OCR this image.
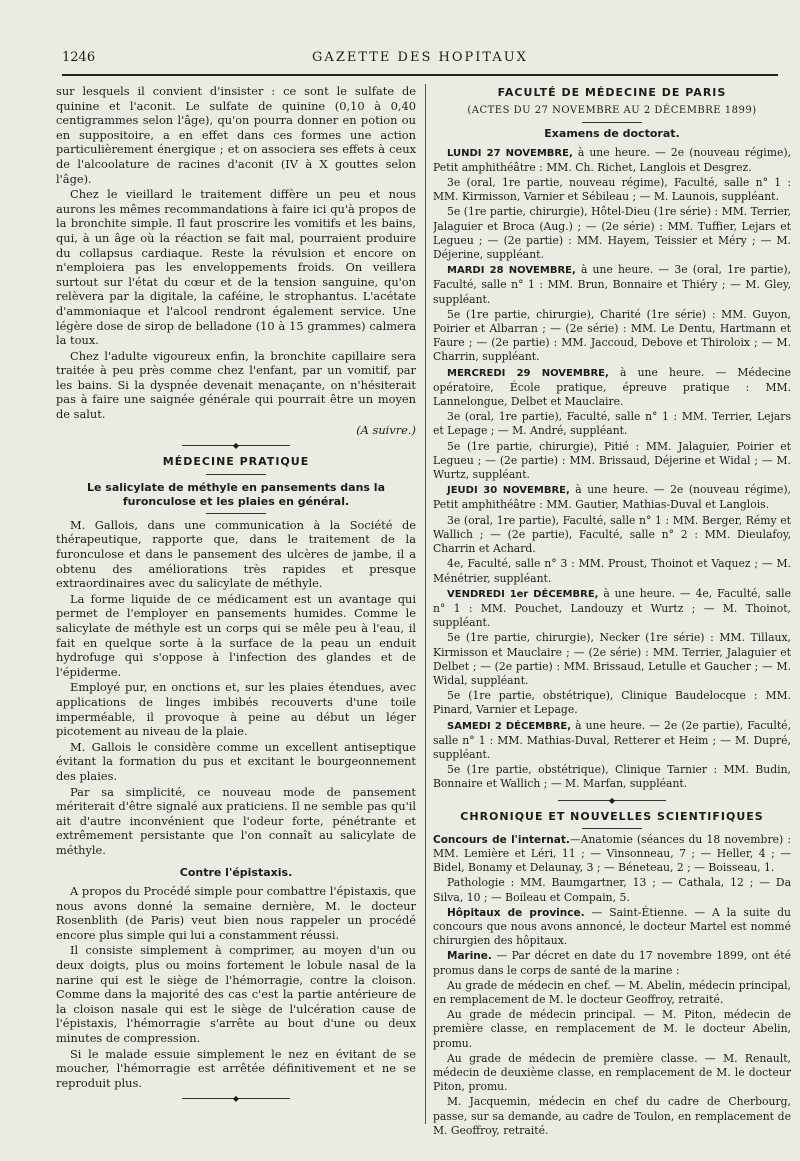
1246	GAZETTE DES HOPITAUX

sur lesquels il convient d'insister : ce sont le sulfate de quinine et l'aconit. Le sulfate de quinine (0,10 à 0,40 centigrammes selon l'âge), qu'on pourra donner en potion ou en suppositoire, a en effet dans ces formes une action particulièrement énergique ; et on associera ses effets à ceux de l'alcoolature de racines d'aconit (IV à X gouttes selon l'âge).

Chez le vieillard le traitement diffère un peu et nous aurons les mêmes recommandations à faire ici qu'à propos de la bronchite simple. Il faut proscrire les vomitifs et les bains, qui, à un âge où la réaction se fait mal, pourraient produire du collapsus cardiaque. Reste la révulsion et encore on n'emploiera pas les enveloppements froids. On veillera surtout sur l'état du cœur et de la tension sanguine, qu'on relèvera par la digitale, la caféine, le strophantus. L'acétate d'ammoniaque et l'alcool rendront également service. Une légère dose de sirop de belladone (10 à 15 grammes) calmera la toux.

Chez l'adulte vigoureux enfin, la bronchite capillaire sera traitée à peu près comme chez l'enfant, par un vomitif, par les bains. Si la dyspnée devenait menaçante, on n'hésiterait pas à faire une saignée générale qui pourrait être un moyen de salut.

(A suivre.)

◆
MÉDECINE PRATIQUE
Le salicylate de méthyle en pansements dans la furonculose et les plaies en général.

M. Gallois, dans une communication à la Société de thérapeutique, rapporte que, dans le traitement de la furonculose et dans le pansement des ulcères de jambe, il a obtenu des améliorations très rapides et presque extraordinaires avec du salicylate de méthyle.

La forme liquide de ce médicament est un avantage qui permet de l'employer en pansements humides. Comme le salicylate de méthyle est un corps qui se mêle peu à l'eau, il fait en quelque sorte à la surface de la peau un enduit hydrofuge qui s'oppose à l'infection des glandes et de l'épiderme.

Employé pur, en onctions et, sur les plaies étendues, avec applications de linges imbibés recouverts d'une toile imperméable, il provoque à peine au début un léger picotement au niveau de la plaie.

M. Gallois le considère comme un excellent antiseptique évitant la formation du pus et excitant le bourgeonnement des plaies.

Par sa simplicité, ce nouveau mode de pansement mériterait d'être signalé aux praticiens. Il ne semble pas qu'il ait d'autre inconvénient que l'odeur forte, pénétrante et extrêmement persistante que l'on connaît au salicylate de méthyle.

Contre l'épistaxis.

A propos du Procédé simple pour combattre l'épistaxis, que nous avons donné la semaine dernière, M. le docteur Rosenblith (de Paris) veut bien nous rappeler un procédé encore plus simple qui lui a constamment réussi.

Il consiste simplement à comprimer, au moyen d'un ou deux doigts, plus ou moins fortement le lobule nasal de la narine qui est le siège de l'hémorragie, contre la cloison. Comme dans la majorité des cas c'est la partie antérieure de la cloison nasale qui est le siège de l'ulcération cause de l'épistaxis, l'hémorragie s'arrête au bout d'une ou deux minutes de compression.

Si le malade essuie simplement le nez en évitant de se moucher, l'hémorragie est arrêtée définitivement et ne se reproduit plus.

◆
FACULTÉ DE MÉDECINE DE PARIS
(ACTES DU 27 NOVEMBRE AU 2 DÉCEMBRE 1899)
Examens de doctorat.

LUNDI 27 NOVEMBRE, à une heure. — 2e (nouveau régime), Petit amphithéâtre : MM. Ch. Richet, Langlois et Desgrez.

3e (oral, 1re partie, nouveau régime), Faculté, salle n° 1 : MM. Kirmisson, Varnier et Sébileau ; — M. Launois, suppléant.

5e (1re partie, chirurgie), Hôtel-Dieu (1re série) : MM. Terrier, Jalaguier et Broca (Aug.) ; — (2e série) : MM. Tuffier, Lejars et Legueu ; — (2e partie) : MM. Hayem, Teissier et Méry ; — M. Déjerine, suppléant.

MARDI 28 NOVEMBRE, à une heure. — 3e (oral, 1re partie), Faculté, salle n° 1 : MM. Brun, Bonnaire et Thiéry ; — M. Gley, suppléant.

5e (1re partie, chirurgie), Charité (1re série) : MM. Guyon, Poirier et Albarran ; — (2e série) : MM. Le Dentu, Hartmann et Faure ; — (2e partie) : MM. Jaccoud, Debove et Thiroloix ; — M. Charrin, suppléant.

MERCREDI 29 NOVEMBRE, à une heure. — Médecine opératoire, École pratique, épreuve pratique : MM. Lannelongue, Delbet et Mauclaire.

3e (oral, 1re partie), Faculté, salle n° 1 : MM. Terrier, Lejars et Lepage ; — M. André, suppléant.

5e (1re partie, chirurgie), Pitié : MM. Jalaguier, Poirier et Legueu ; — (2e partie) : MM. Brissaud, Déjerine et Widal ; — M. Wurtz, suppléant.

JEUDI 30 NOVEMBRE, à une heure. — 2e (nouveau régime), Petit amphithéâtre : MM. Gautier, Mathias-Duval et Langlois.

3e (oral, 1re partie), Faculté, salle n° 1 : MM. Berger, Rémy et Wallich ; — (2e partie), Faculté, salle n° 2 : MM. Dieulafoy, Charrin et Achard.

4e, Faculté, salle n° 3 : MM. Proust, Thoinot et Vaquez ; — M. Ménétrier, suppléant.

VENDREDI 1er DÉCEMBRE, à une heure. — 4e, Faculté, salle n° 1 : MM. Pouchet, Landouzy et Wurtz ; — M. Thoinot, suppléant.

5e (1re partie, chirurgie), Necker (1re série) : MM. Tillaux, Kirmisson et Mauclaire ; — (2e série) : MM. Terrier, Jalaguier et Delbet ; — (2e partie) : MM. Brissaud, Letulle et Gaucher ; — M. Widal, suppléant.

5e (1re partie, obstétrique), Clinique Baudelocque : MM. Pinard, Varnier et Lepage.

SAMEDI 2 DÉCEMBRE, à une heure. — 2e (2e partie), Faculté, salle n° 1 : MM. Mathias-Duval, Retterer et Heim ; — M. Dupré, suppléant.

5e (1re partie, obstétrique), Clinique Tarnier : MM. Budin, Bonnaire et Wallich ; — M. Marfan, suppléant.

◆
CHRONIQUE ET NOUVELLES SCIENTIFIQUES

Concours de l'internat.—Anatomie (séances du 18 novembre) : MM. Lemière et Léri, 11 ; — Vinsonneau, 7 ; — Heller, 4 ; — Bidel, Bonamy et Delaunay, 3 ; — Béneteau, 2 ; — Boisseau, 1.

Pathologie : MM. Baumgartner, 13 ; — Cathala, 12 ; — Da Silva, 10 ; — Boileau et Compain, 5.

Hôpitaux de province. — Saint-Étienne. — A la suite du concours que nous avons annoncé, le docteur Martel est nommé chirurgien des hôpitaux.

Marine. — Par décret en date du 17 novembre 1899, ont été promus dans le corps de santé de la marine :

Au grade de médecin en chef. — M. Abelin, médecin principal, en remplacement de M. le docteur Geoffroy, retraité.

Au grade de médecin principal. — M. Piton, médecin de première classe, en remplacement de M. le docteur Abelin, promu.

Au grade de médecin de première classe. — M. Renault, médecin de deuxième classe, en remplacement de M. le docteur Piton, promu.

M. Jacquemin, médecin en chef du cadre de Cherbourg, passe, sur sa demande, au cadre de Toulon, en remplacement de M. Geoffroy, retraité.
